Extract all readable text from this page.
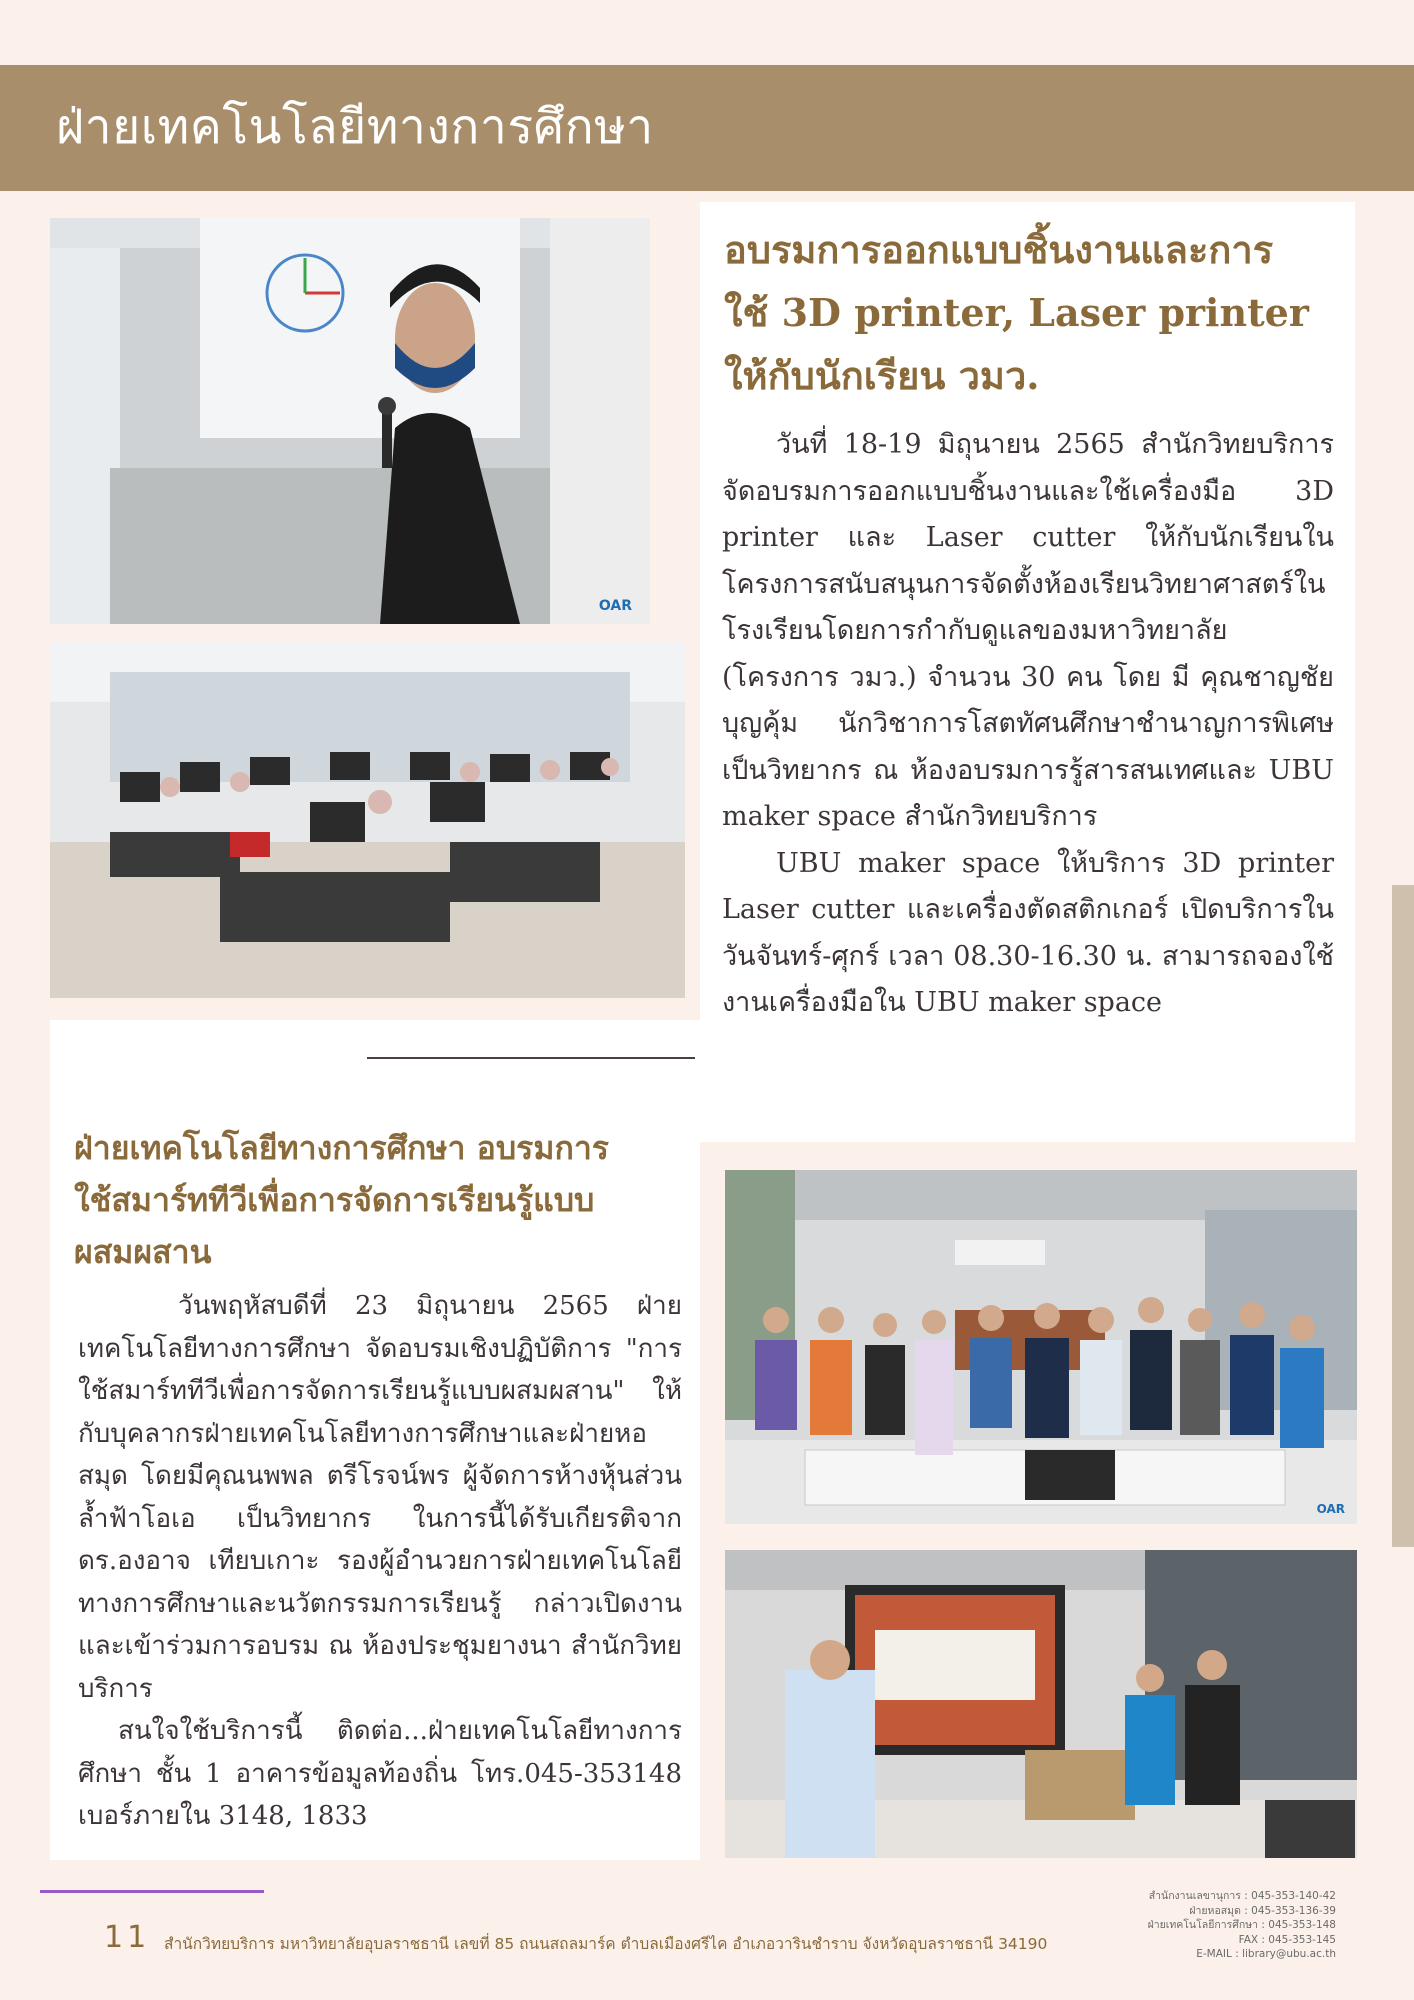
ฝ่ายเทคโนโลยีทางการศึกษา
OAR
อบรมการออกแบบชิ้นงานและการ
ใช้ 3D printer, Laser printer
ให้กับนักเรียน วมว.

วันที่ 18-19 มิถุนายน 2565 สำนักวิทยบริการ จัดอบรมการออกแบบชิ้นงานและใช้เครื่องมือ 3D printer และ Laser cutter ให้กับนักเรียนในโครงการสนับสนุนการจัดตั้งห้องเรียนวิทยาศาสตร์ในโรงเรียนโดยการกำกับดูแลของมหาวิทยาลัย (โครงการ วมว.) จำนวน 30 คน โดย มี คุณชาญชัย บุญคุ้ม นักวิชาการโสตทัศนศึกษาชำนาญการพิเศษ เป็นวิทยากร ณ ห้องอบรมการรู้สารสนเทศและ UBU maker space สำนักวิทยบริการ

UBU maker space ให้บริการ 3D printer Laser cutter และเครื่องตัดสติกเกอร์ เปิดบริการในวันจันทร์-ศุกร์ เวลา 08.30-16.30 น. สามารถจองใช้งานเครื่องมือใน UBU maker space

OAR
ฝ่ายเทคโนโลยีทางการศึกษา อบรมการ
ใช้สมาร์ททีวีเพื่อการจัดการเรียนรู้แบบ
ผสมผสาน

วันพฤหัสบดีที่ 23 มิถุนายน 2565 ฝ่ายเทคโนโลยีทางการศึกษา จัดอบรมเชิงปฏิบัติการ "การใช้สมาร์ททีวีเพื่อการจัดการเรียนรู้แบบผสมผสาน" ให้กับบุคลากรฝ่ายเทคโนโลยีทางการศึกษาและฝ่ายหอสมุด โดยมีคุณนพพล ตรีโรจน์พร ผู้จัดการห้างหุ้นส่วน ล้ำฟ้าโอเอ เป็นวิทยากร ในการนี้ได้รับเกียรติจาก ดร.องอาจ เทียบเกาะ รองผู้อำนวยการฝ่ายเทคโนโลยีทางการศึกษาและนวัตกรรมการเรียนรู้ กล่าวเปิดงานและเข้าร่วมการอบรม ณ ห้องประชุมยางนา สำนักวิทยบริการ

สนใจใช้บริการนี้ ติดต่อ...ฝ่ายเทคโนโลยีทางการศึกษา ชั้น 1 อาคารข้อมูลท้องถิ่น โทร.045-353148 เบอร์ภายใน 3148, 1833

11 สำนักวิทยบริการ มหาวิทยาลัยอุบลราชธานี เลขที่ 85 ถนนสถลมาร์ค ตำบลเมืองศรีไค อำเภอวารินชำราบ จังหวัดอุบลราชธานี 34190
สำนักงานเลขานุการ : 045-353-140-42
ฝ่ายหอสมุด : 045-353-136-39
ฝ่ายเทคโนโลยีการศึกษา : 045-353-148
FAX : 045-353-145
E-MAIL : library@ubu.ac.th
